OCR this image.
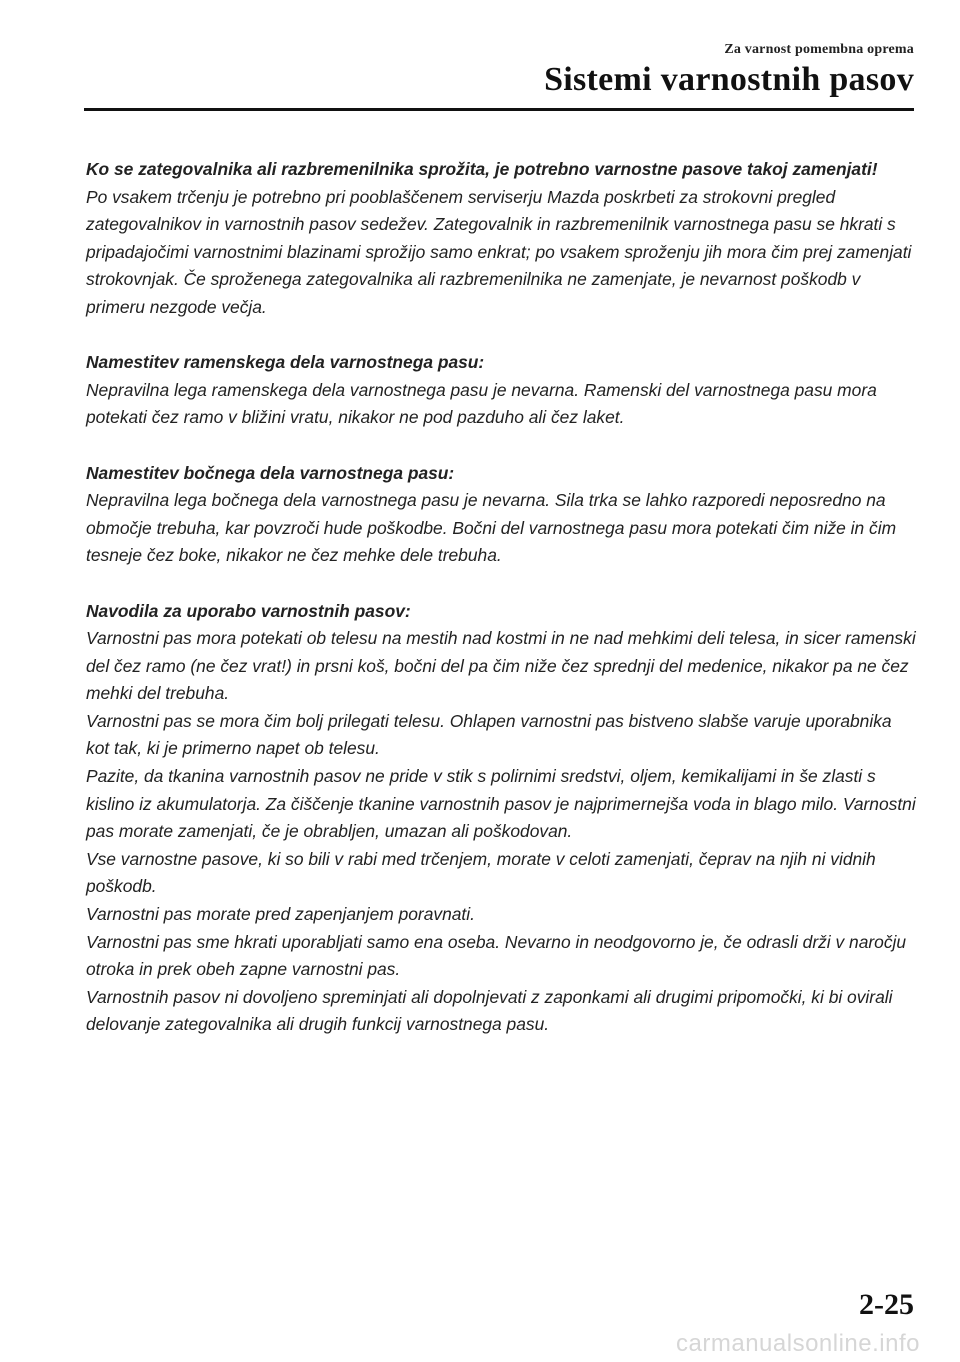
Za varnost pomembna oprema
Sistemi varnostnih pasov

Ko se zategovalnika ali razbremenilnika sprožita, je potrebno varnostne pasove takoj zamenjati!

Po vsakem trčenju je potrebno pri pooblaščenem serviserju Mazda poskrbeti za strokovni pregled zategovalnikov in varnostnih pasov sedežev. Zategovalnik in razbremenilnik varnostnega pasu se hkrati s pripadajočimi varnostnimi blazinami sprožijo samo enkrat; po vsakem sproženju jih mora čim prej zamenjati strokovnjak. Če sproženega zategovalnika ali razbremenilnika ne zamenjate, je nevarnost poškodb v primeru nezgode večja.

Namestitev ramenskega dela varnostnega pasu:

Nepravilna lega ramenskega dela varnostnega pasu je nevarna. Ramenski del varnostnega pasu mora potekati čez ramo v bližini vratu, nikakor ne pod pazduho ali čez laket.

Namestitev bočnega dela varnostnega pasu:

Nepravilna lega bočnega dela varnostnega pasu je nevarna. Sila trka se lahko razporedi neposredno na območje trebuha, kar povzroči hude poškodbe. Bočni del varnostnega pasu mora potekati čim niže in čim tesneje čez boke, nikakor ne čez mehke dele trebuha.

Navodila za uporabo varnostnih pasov:

Varnostni pas mora potekati ob telesu na mestih nad kostmi in ne nad mehkimi deli telesa, in sicer ramenski del čez ramo (ne čez vrat!) in prsni koš, bočni del pa čim niže čez sprednji del medenice, nikakor pa ne čez mehki del trebuha.

Varnostni pas se mora čim bolj prilegati telesu. Ohlapen varnostni pas bistveno slabše varuje uporabnika kot tak, ki je primerno napet ob telesu.

Pazite, da tkanina varnostnih pasov ne pride v stik s polirnimi sredstvi, oljem, kemikalijami in še zlasti s kislino iz akumulatorja. Za čiščenje tkanine varnostnih pasov je najprimernejša voda in blago milo. Varnostni pas morate zamenjati, če je obrabljen, umazan ali poškodovan.

Vse varnostne pasove, ki so bili v rabi med trčenjem, morate v celoti zamenjati, čeprav na njih ni vidnih poškodb.

Varnostni pas morate pred zapenjanjem poravnati.

Varnostni pas sme hkrati uporabljati samo ena oseba. Nevarno in neodgovorno je, če odrasli drži v naročju otroka in prek obeh zapne varnostni pas.

Varnostnih pasov ni dovoljeno spreminjati ali dopolnjevati z zaponkami ali drugimi pripomočki, ki bi ovirali delovanje zategovalnika ali drugih funkcij varnostnega pasu.

2-25
carmanualsonline.info
